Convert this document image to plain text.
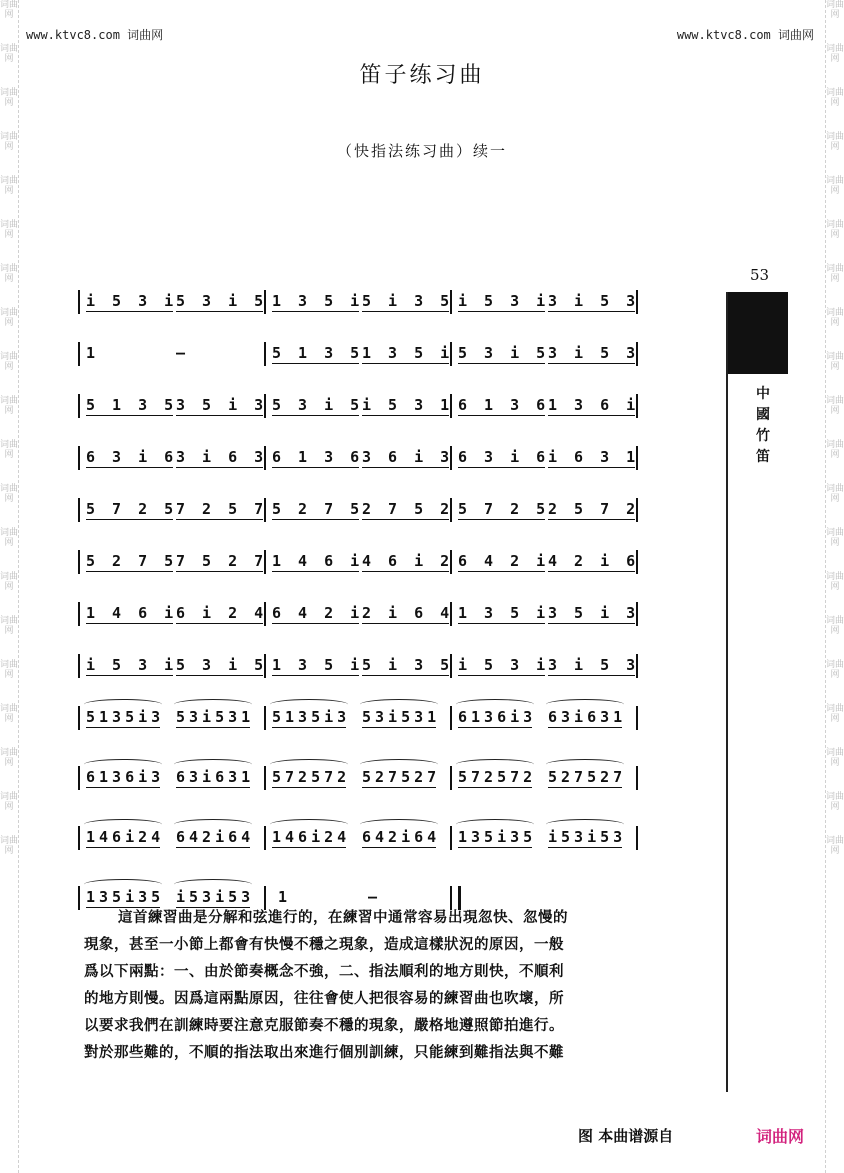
词曲网
词曲网
词曲网
词曲网
词曲网
词曲网
词曲网
词曲网
词曲网
词曲网
词曲网
词曲网
词曲网
词曲网
词曲网
词曲网
词曲网
词曲网
词曲网
词曲网
词曲网
词曲网
词曲网
词曲网
词曲网
词曲网
词曲网
词曲网
词曲网
词曲网
词曲网
词曲网
词曲网
词曲网
词曲网
词曲网
词曲网
词曲网
词曲网
词曲网
www.ktvc8.com 词曲网	www.ktvc8.com 词曲网
笛子练习曲
（快指法练习曲）续一
53
中國竹笛
i 5 3 i
5 3 i 5 1 3 5 i
5 i 3 5 i 5 3 i
3 i 5 3
1	—	5 1 3 5
1 3 5 i 5 3 i 5
3 i 5 3
5 1 3 5
3 5 i 3 5 3 i 5
i 5 3 1 6 1 3 6
1 3 6 i
6 3 i 6
3 i 6 3 6 1 3 6
3 6 i 3 6 3 i 6
i 6 3 1
5 7 2 5
7 2 5 7 5 2 7 5
2 7 5 2 5 7 2 5
2 5 7 2
5 2 7 5
7 5 2 7 1 4 6 i
4 6 i 2 6 4 2 i
4 2 i 6
1 4 6 i
6 i 2 4 6 4 2 i
2 i 6 4 1 3 5 i
3 5 i 3
i 5 3 i
5 3 i 5 1 3 5 i
5 i 3 5 i 5 3 i
3 i 5 3
5135i3 53i531 5135i3 53i531 6136i3 63i631
6136i3 63i631 572572 527527 572572 527527
146i24 642i64 146i24 642i64 135i35 i53i53
135i35 i53i53 1	—
這首練習曲是分解和弦進行的，在練習中通常容易出現忽快、忽慢的
現象，甚至一小節上都會有快慢不穩之現象，造成這樣狀況的原因，一般
爲以下兩點：一、由於節奏概念不強，二、指法順利的地方則快，不順利
的地方則慢。因爲這兩點原因，往往會使人把很容易的練習曲也吹壞，所
以要求我們在訓練時要注意克服節奏不穩的現象，嚴格地遵照節拍進行。
對於那些難的，不順的指法取出來進行個別訓練，只能練到難指法與不難
图 本曲谱源自	词曲网
